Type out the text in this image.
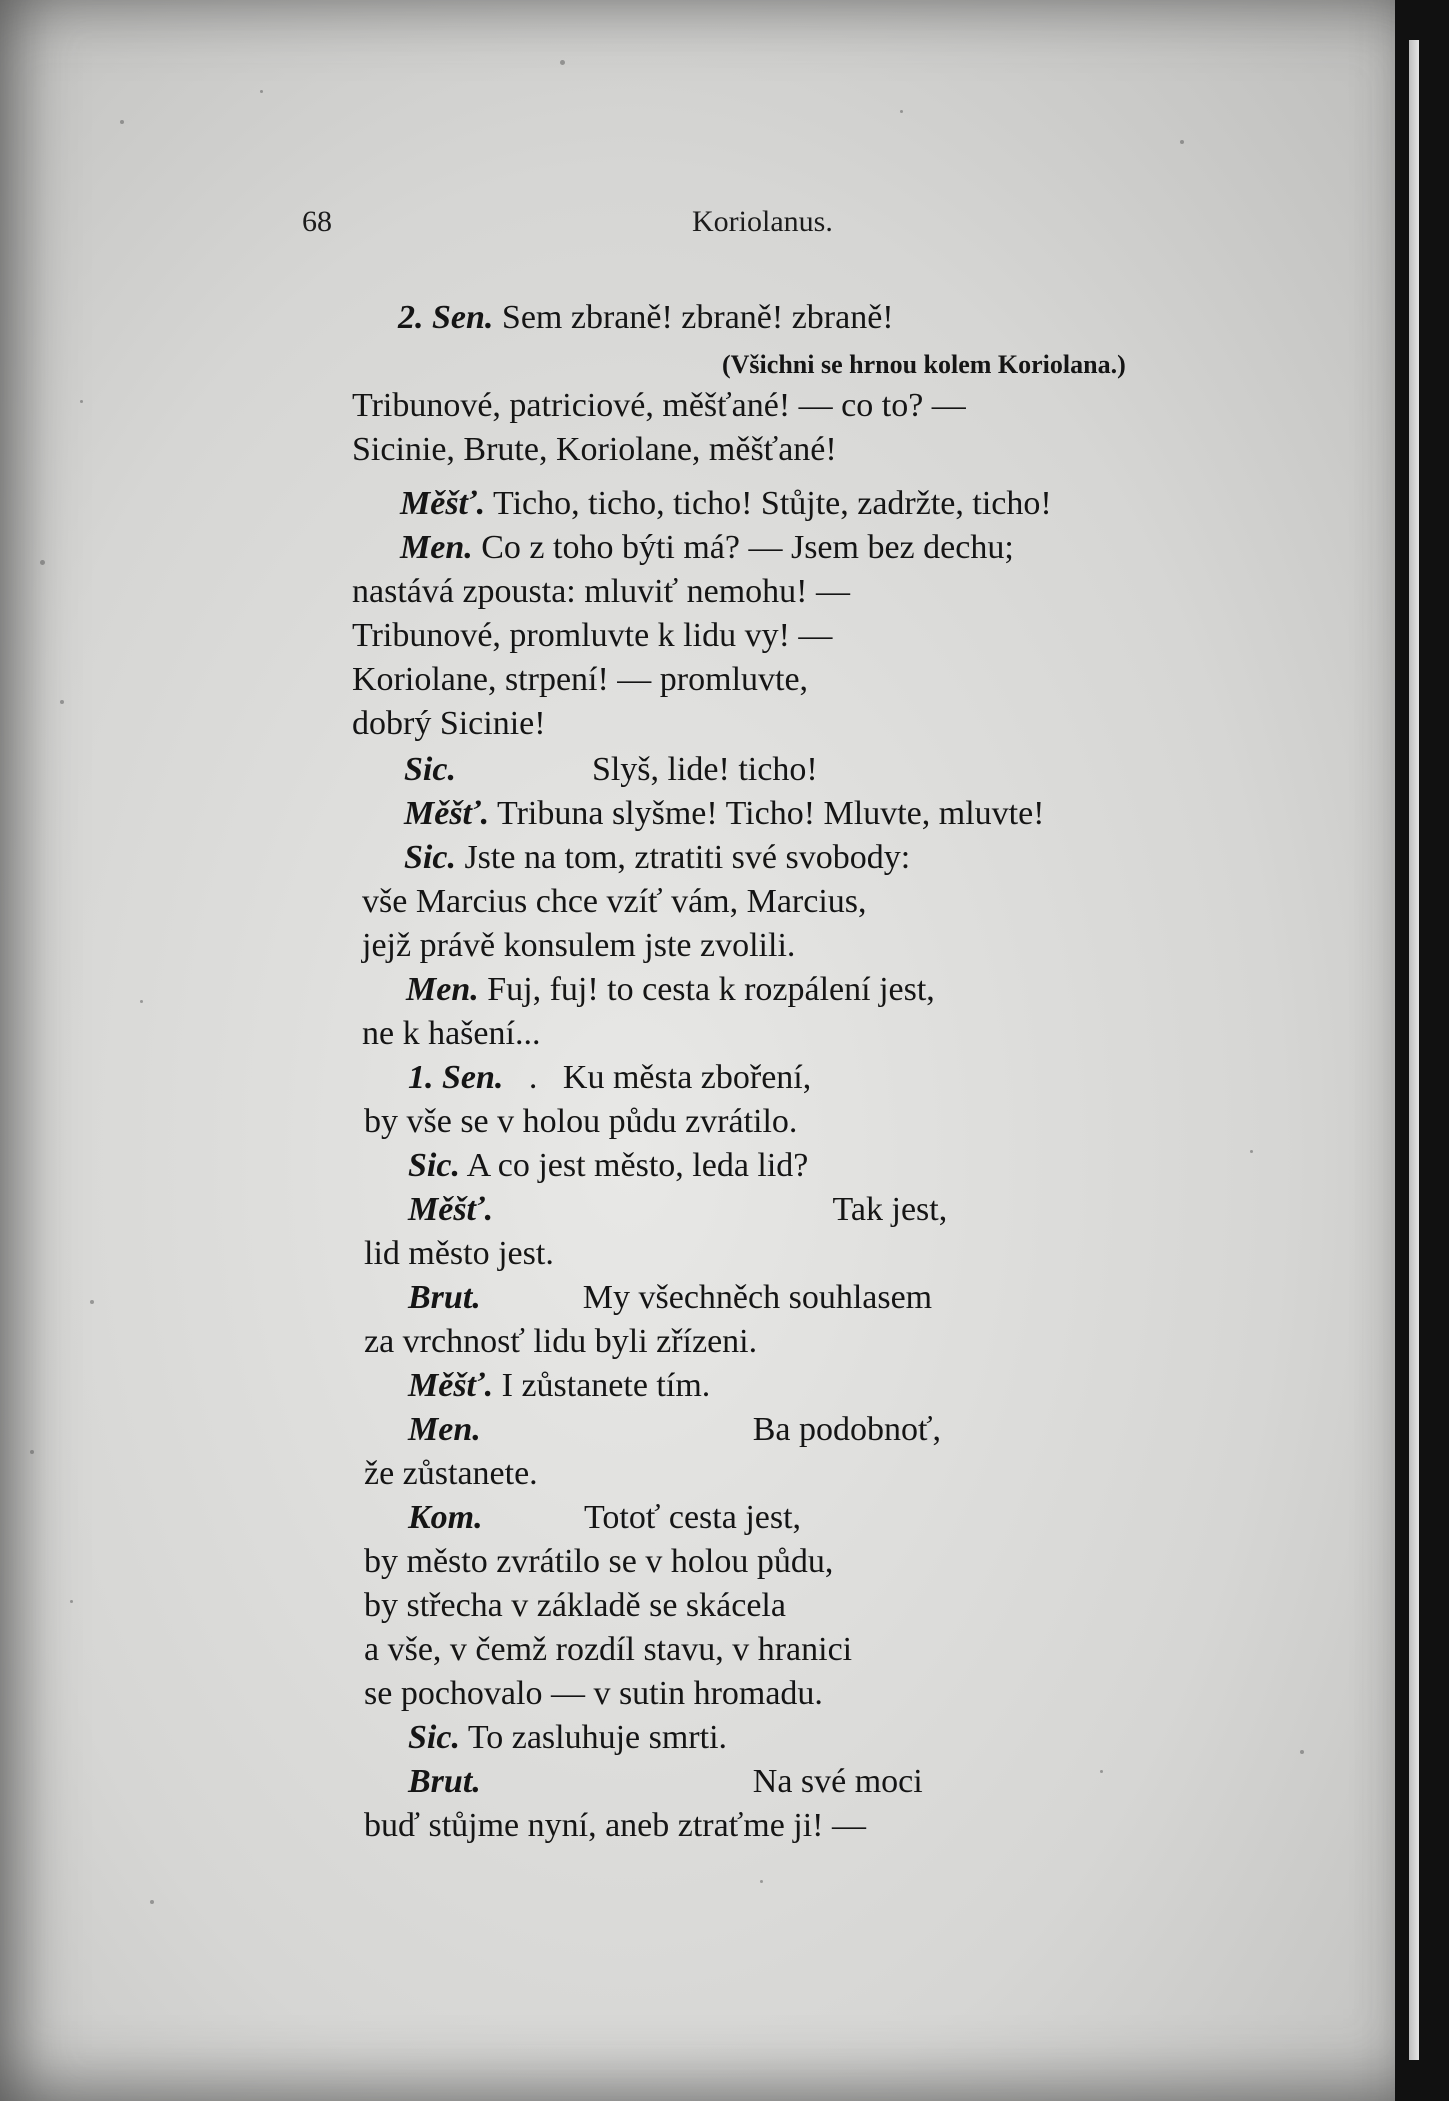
68	Koriolanus.
2. Sen. Sem zbraně! zbraně! zbraně!
(Všichni se hrnou kolem Koriolana.)
Tribunové, patriciové, měšťané! — co to? —
Sicinie, Brute, Koriolane, měšťané!
Měšť. Ticho, ticho, ticho! Stůjte, zadržte, ticho!
Men. Co z toho býti má? — Jsem bez dechu;
nastává zpousta: mluviť nemohu! —
Tribunové, promluvte k lidu vy! —
Koriolane, strpení! — promluvte,
dobrý Sicinie!
Sic.                Slyš, lide! ticho!
Měšť. Tribuna slyšme! Ticho! Mluvte, mluvte!
Sic. Jste na tom, ztratiti své svobody:
vše Marcius chce vzíť vám, Marcius,
jejž právě konsulem jste zvolili.
Men. Fuj, fuj! to cesta k rozpálení jest,
ne k hašení...
1. Sen.   .   Ku města zboření,
by vše se v holou půdu zvrátilo.
Sic. A co jest město, leda lid?
Měšť.                                        Tak jest,
lid město jest.
Brut.            My všechněch souhlasem
za vrchnosť lidu byli zřízeni.
Měšť. I zůstanete tím.
Men.                                Ba podobnoť,
že zůstanete.
Kom.            Totoť cesta jest,
by město zvrátilo se v holou půdu,
by střecha v základě se skácela
a vše, v čemž rozdíl stavu, v hranici
se pochovalo — v sutin hromadu.
Sic. To zasluhuje smrti.
Brut.                                Na své moci
buď stůjme nyní, aneb ztraťme ji! —
